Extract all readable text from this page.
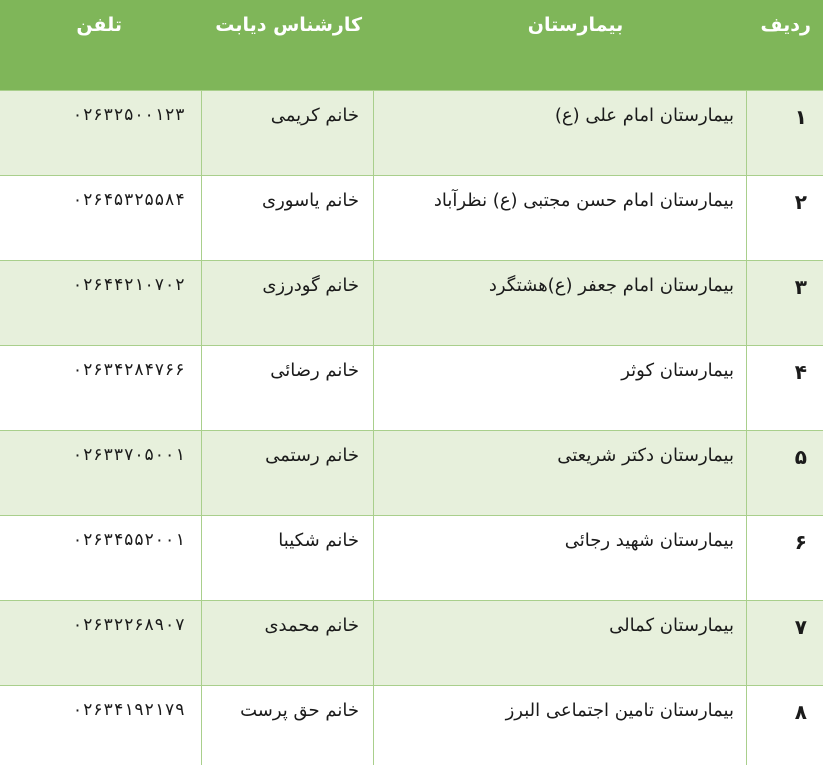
ردیف
بیمارستان
کارشناس دیابت
تلفن
۱
بیمارستان امام علی (ع)
خانم کریمی
۰۲۶۳۲۵۰۰۱۲۳
۲
بیمارستان امام حسن مجتبی (ع) نظرآباد
خانم یاسوری
۰۲۶۴۵۳۲۵۵۸۴
۳
بیمارستان امام جعفر (ع)هشتگرد
خانم گودرزی
۰۲۶۴۴۲۱۰۷۰۲
۴
بیمارستان کوثر
خانم رضائی
۰۲۶۳۴۲۸۴۷۶۶
۵
بیمارستان دکتر شریعتی
خانم رستمی
۰۲۶۳۳۷۰۵۰۰۱
۶
بیمارستان شهید رجائی
خانم شکیبا
۰۲۶۳۴۵۵۲۰۰۱
۷
بیمارستان کمالی
خانم محمدی
۰۲۶۳۲۲۶۸۹۰۷
۸
بیمارستان تامین اجتماعی البرز
خانم حق پرست
۰۲۶۳۴۱۹۲۱۷۹
